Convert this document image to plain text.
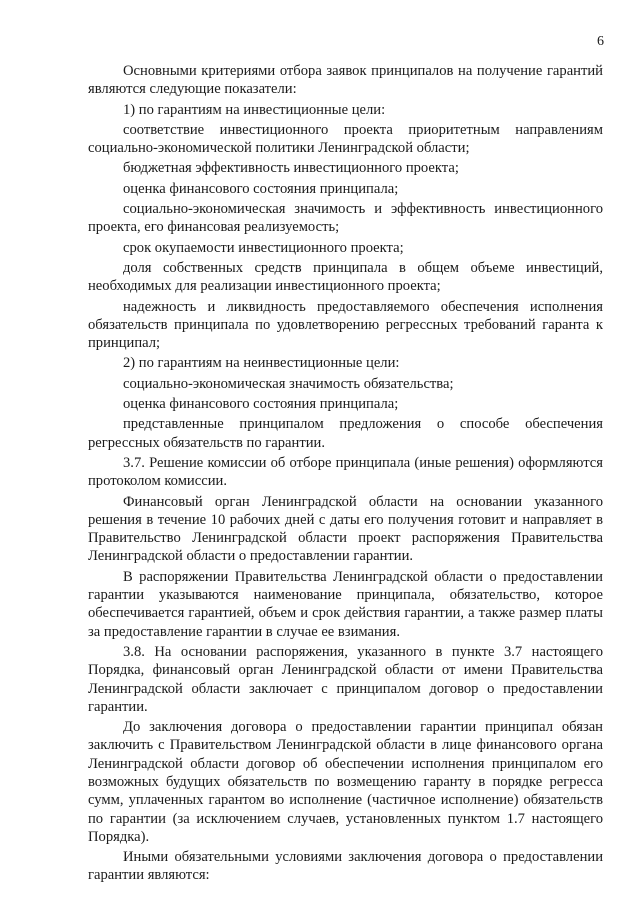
6

Основными критериями отбора заявок принципалов на получение гарантий являются следующие показатели:

1) по гарантиям на инвестиционные цели:

соответствие инвестиционного проекта приоритетным направлениям социально-экономической политики Ленинградской области;

бюджетная эффективность инвестиционного проекта;

оценка финансового состояния принципала;

социально-экономическая значимость и эффективность инвестиционного проекта, его финансовая реализуемость;

срок окупаемости инвестиционного проекта;

доля собственных средств принципала в общем объеме инвестиций, необходимых для реализации инвестиционного проекта;

надежность и ликвидность предоставляемого обеспечения исполнения обязательств принципала по удовлетворению регрессных требований гаранта к принципал;

2) по гарантиям на неинвестиционные цели:

социально-экономическая значимость обязательства;

оценка финансового состояния принципала;

представленные принципалом предложения о способе обеспечения регрессных обязательств по гарантии.

3.7. Решение комиссии об отборе принципала (иные решения) оформляются протоколом комиссии.

Финансовый орган Ленинградской области на основании указанного решения в течение 10 рабочих дней с даты его получения готовит и направляет в Правительство Ленинградской области проект распоряжения Правительства Ленинградской области о предоставлении гарантии.

В распоряжении Правительства Ленинградской области о предоставлении гарантии указываются наименование принципала, обязательство, которое обеспечивается гарантией, объем и срок действия гарантии, а также размер платы за предоставление гарантии в случае ее взимания.

3.8. На основании распоряжения, указанного в пункте 3.7 настоящего Порядка, финансовый орган Ленинградской области от имени Правительства Ленинградской области заключает с принципалом договор о предоставлении гарантии.

До заключения договора о предоставлении гарантии принципал обязан заключить с Правительством Ленинградской области в лице финансового органа Ленинградской области договор об обеспечении исполнения принципалом его возможных будущих обязательств по возмещению гаранту в порядке регресса сумм, уплаченных гарантом во исполнение (частичное исполнение) обязательств по гарантии (за исключением случаев, установленных пунктом 1.7 настоящего Порядка).

Иными обязательными условиями заключения договора о предоставлении гарантии являются:
